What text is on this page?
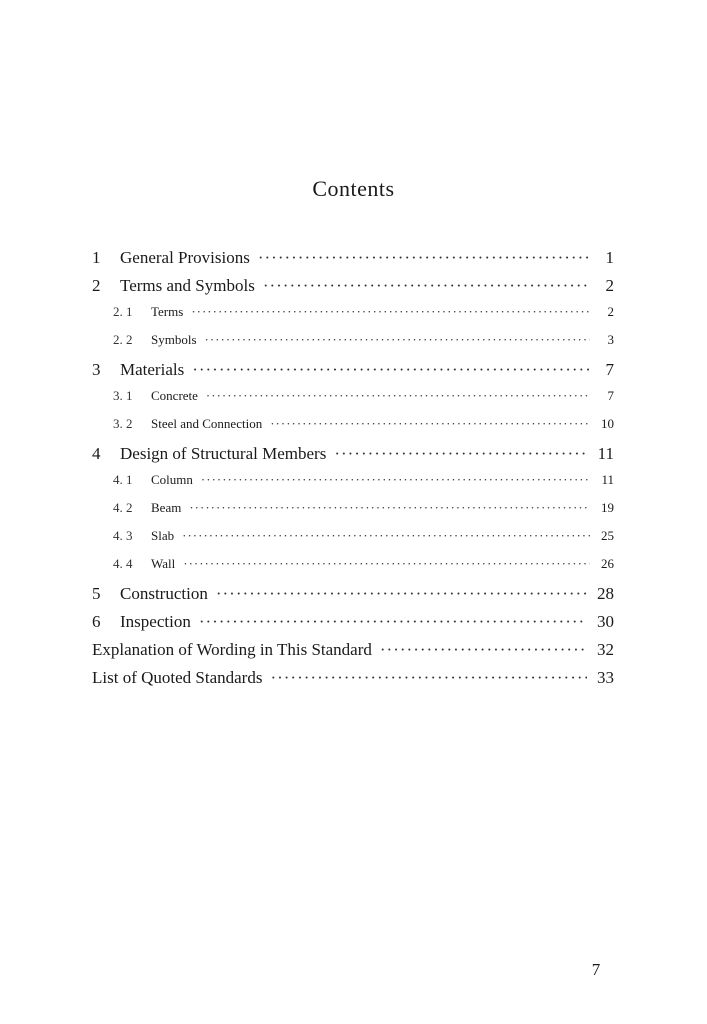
Contents
1	General Provisions ·····	1
2	Terms and Symbols ·····	2
2. 1	Terms ·····	2
2. 2	Symbols ·····	3
3	Materials ·····	7
3. 1	Concrete ·····	7
3. 2	Steel and Connection ·····	10
4	Design of Structural Members ·····	11
4. 1	Column ·····	11
4. 2	Beam ·····	19
4. 3	Slab ·····	25
4. 4	Wall ·····	26
5	Construction ·····	28
6	Inspection ·····	30
Explanation of Wording in This Standard ·····	32
List of Quoted Standards ·····	33
7
